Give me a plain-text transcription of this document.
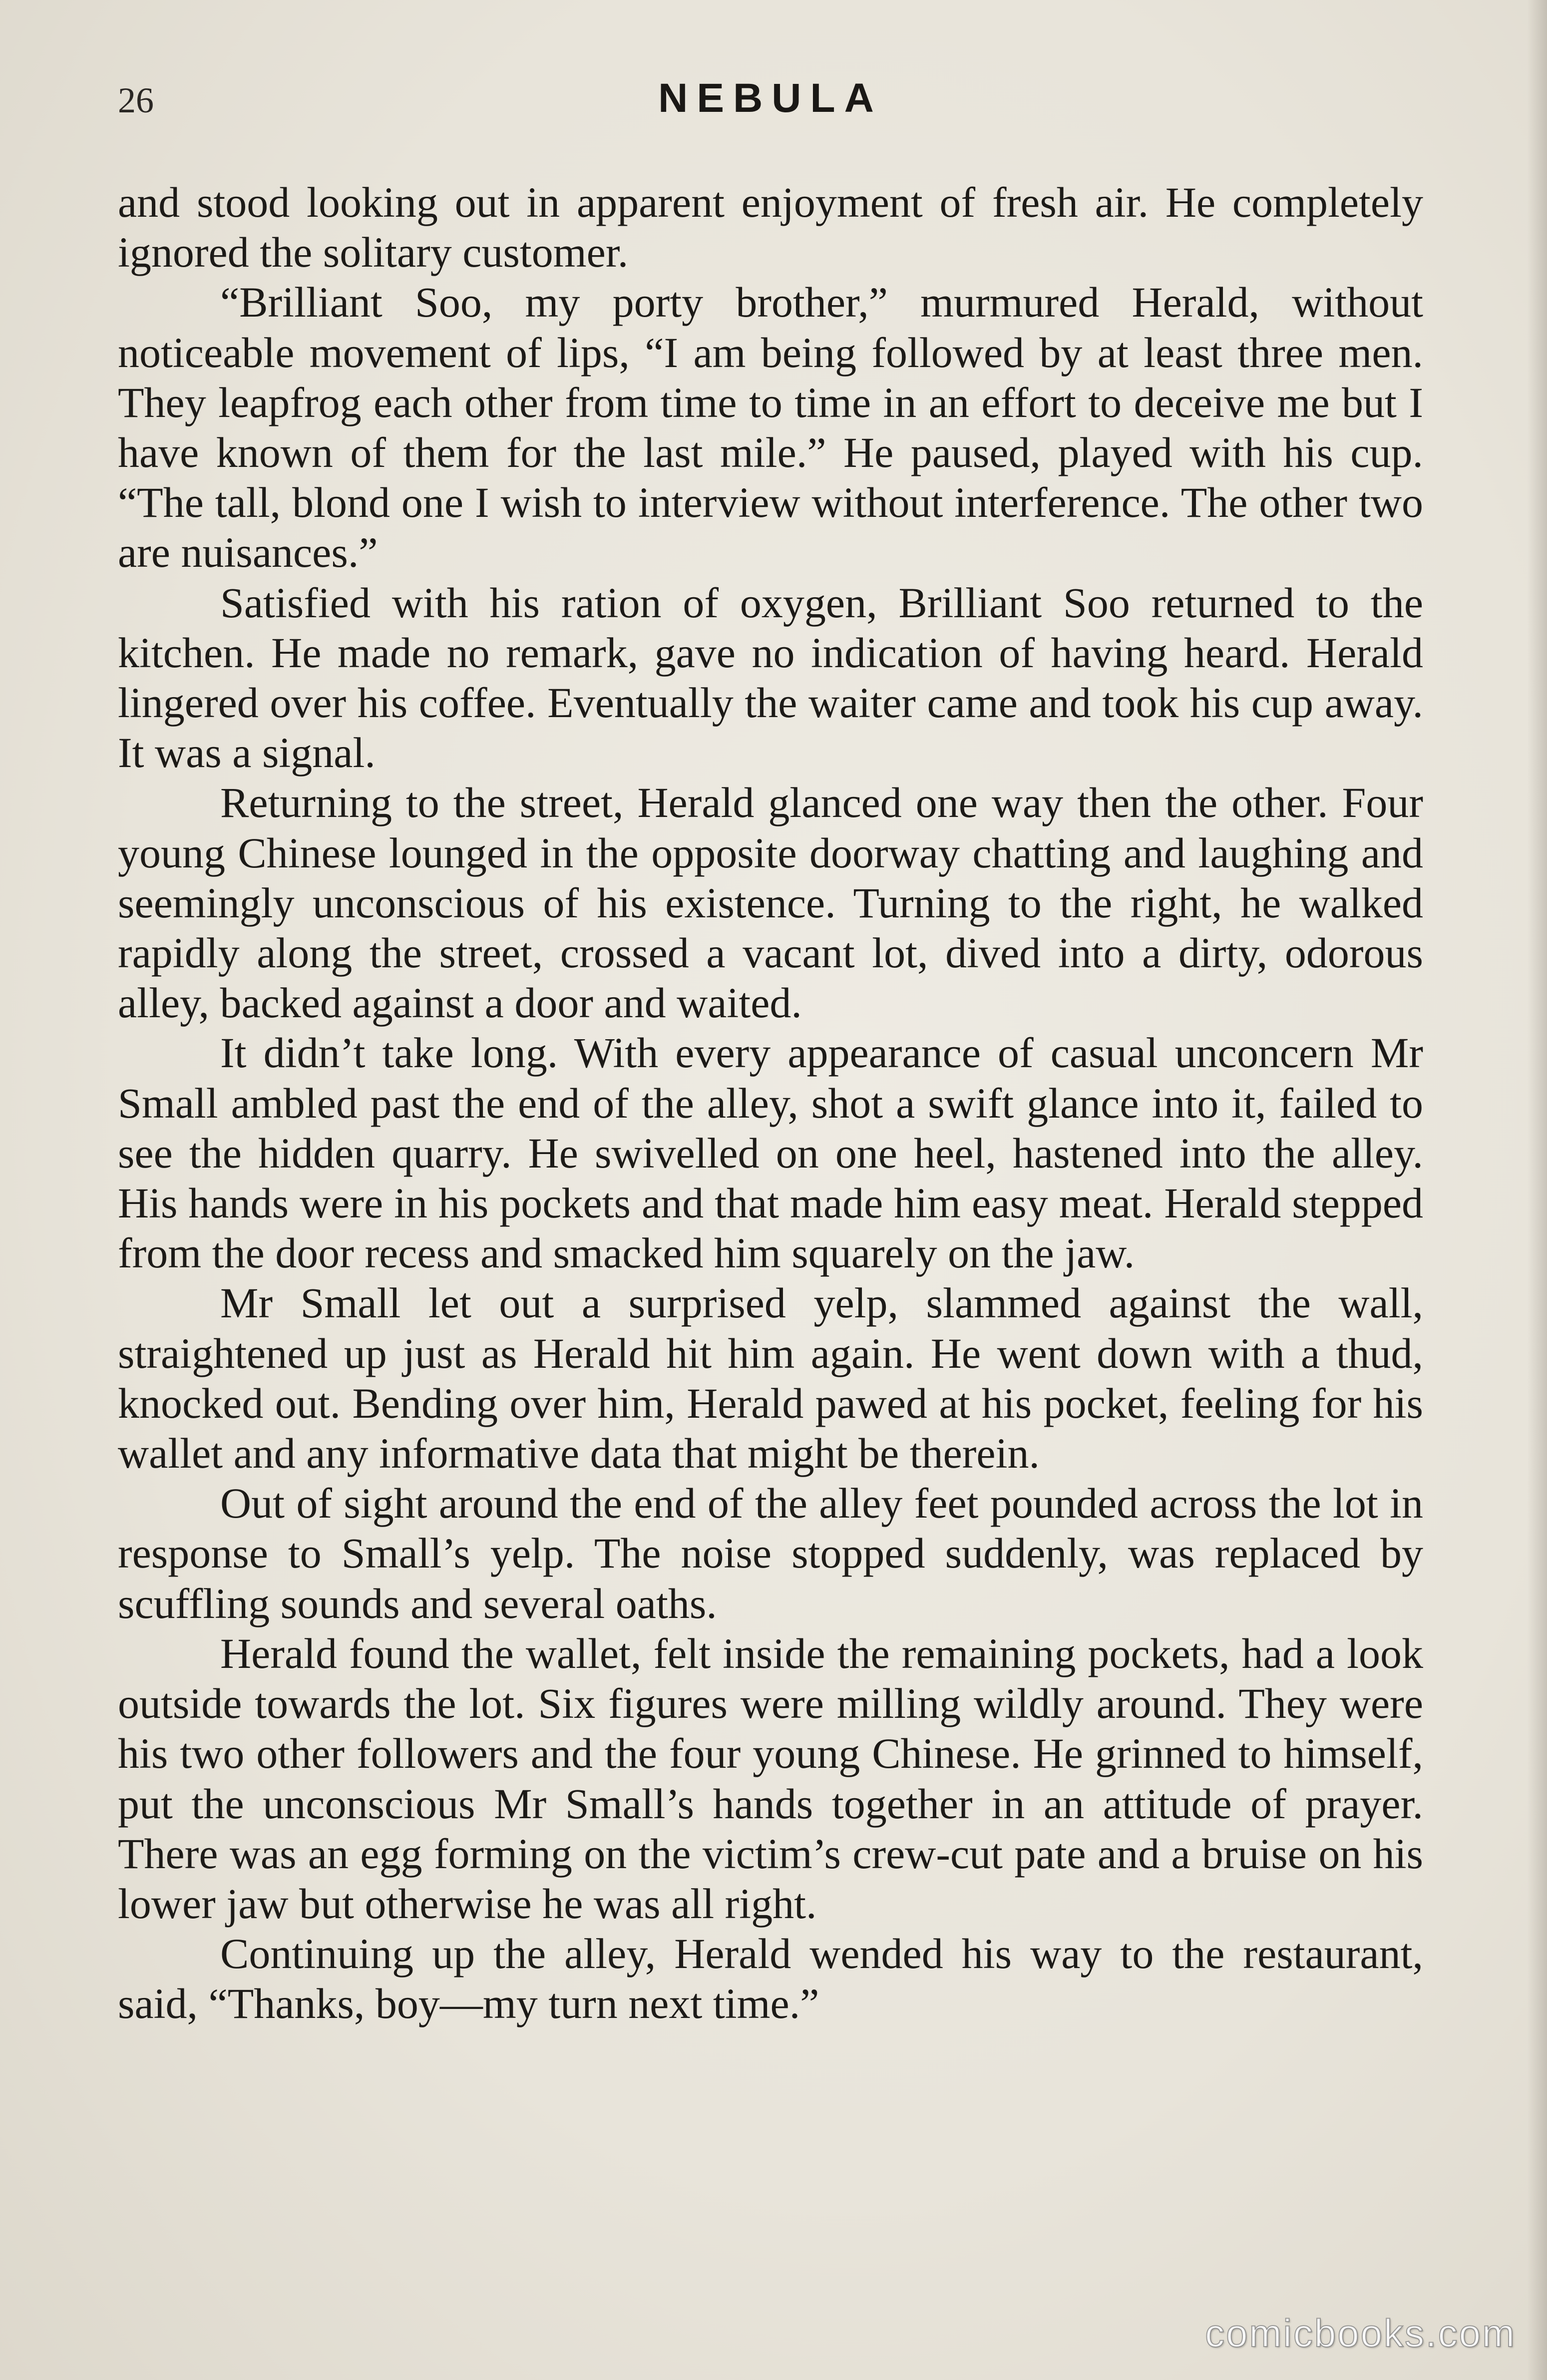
26	NEBULA

and stood looking out in apparent enjoyment of fresh air. He completely ignored the solitary customer.

“Brilliant Soo, my porty brother,” murmured Herald, without noticeable movement of lips, “I am being followed by at least three men. They leapfrog each other from time to time in an effort to deceive me but I have known of them for the last mile.” He paused, played with his cup. “The tall, blond one I wish to interview without interference. The other two are nuisances.”

Satisfied with his ration of oxygen, Brilliant Soo returned to the kitchen. He made no remark, gave no indication of having heard. Herald lingered over his coffee. Eventually the waiter came and took his cup away. It was a signal.

Returning to the street, Herald glanced one way then the other. Four young Chinese lounged in the opposite doorway chatting and laughing and seemingly unconscious of his existence. Turning to the right, he walked rapidly along the street, crossed a vacant lot, dived into a dirty, odorous alley, backed against a door and waited.

It didn’t take long. With every appearance of casual unconcern Mr Small ambled past the end of the alley, shot a swift glance into it, failed to see the hidden quarry. He swivelled on one heel, hastened into the alley. His hands were in his pockets and that made him easy meat. Herald stepped from the door recess and smacked him squarely on the jaw.

Mr Small let out a surprised yelp, slammed against the wall, straightened up just as Herald hit him again. He went down with a thud, knocked out. Bending over him, Herald pawed at his pocket, feeling for his wallet and any informative data that might be therein.

Out of sight around the end of the alley feet pounded across the lot in response to Small’s yelp. The noise stopped suddenly, was replaced by scuffling sounds and several oaths.

Herald found the wallet, felt inside the remaining pockets, had a look outside towards the lot. Six figures were milling wildly around. They were his two other followers and the four young Chinese. He grinned to himself, put the unconscious Mr Small’s hands together in an attitude of prayer. There was an egg forming on the victim’s crew-cut pate and a bruise on his lower jaw but otherwise he was all right.

Continuing up the alley, Herald wended his way to the restaurant, said, “Thanks, boy—my turn next time.”

comicbooks.com
